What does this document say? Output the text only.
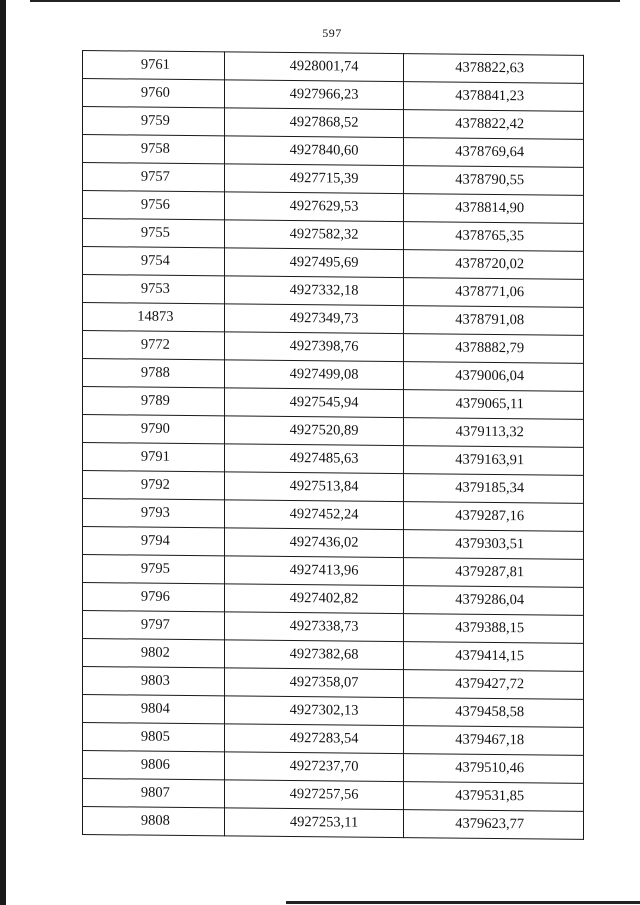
597
9761	4928001,74	4378822,63
9760	4927966,23	4378841,23
9759	4927868,52	4378822,42
9758	4927840,60	4378769,64
9757	4927715,39	4378790,55
9756	4927629,53	4378814,90
9755	4927582,32	4378765,35
9754	4927495,69	4378720,02
9753	4927332,18	4378771,06
14873	4927349,73	4378791,08
9772	4927398,76	4378882,79
9788	4927499,08	4379006,04
9789	4927545,94	4379065,11
9790	4927520,89	4379113,32
9791	4927485,63	4379163,91
9792	4927513,84	4379185,34
9793	4927452,24	4379287,16
9794	4927436,02	4379303,51
9795	4927413,96	4379287,81
9796	4927402,82	4379286,04
9797	4927338,73	4379388,15
9802	4927382,68	4379414,15
9803	4927358,07	4379427,72
9804	4927302,13	4379458,58
9805	4927283,54	4379467,18
9806	4927237,70	4379510,46
9807	4927257,56	4379531,85
9808	4927253,11	4379623,77
